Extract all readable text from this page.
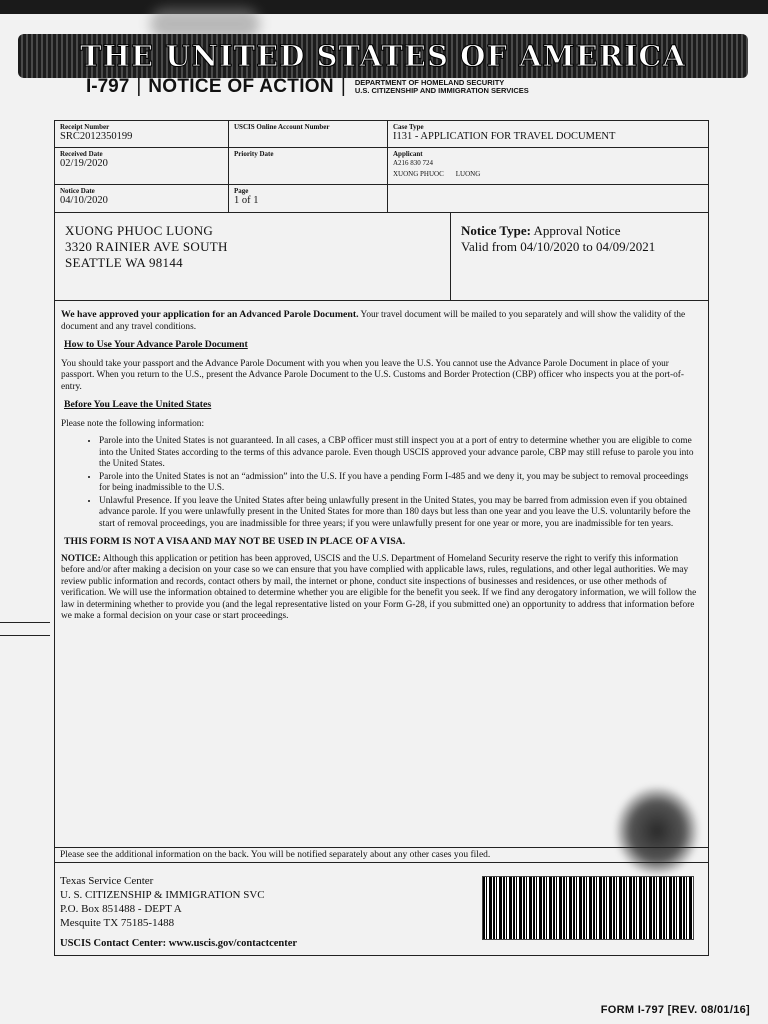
THE UNITED STATES OF AMERICA
I-797 | NOTICE OF ACTION | DEPARTMENT OF HOMELAND SECURITY
U.S. CITIZENSHIP AND IMMIGRATION SERVICES
Receipt Number
SRC2012350199
USCIS Online Account Number	Case Type
I131 - APPLICATION FOR TRAVEL DOCUMENT
Received Date
02/19/2020
Priority Date	Applicant
A216 830 724
XUONG PHUOC LUONG
Notice Date
04/10/2020
Page
1 of 1
XUONG PHUOC LUONG
3320 RAINIER AVE SOUTH
SEATTLE WA 98144
Notice Type: Approval Notice
Valid from 04/10/2020 to 04/09/2021

We have approved your application for an Advanced Parole Document. Your travel document will be mailed to you separately and will show the validity of the document and any travel conditions.

How to Use Your Advance Parole Document

You should take your passport and the Advance Parole Document with you when you leave the U.S. You cannot use the Advance Parole Document in place of your passport. When you return to the U.S., present the Advance Parole Document to the U.S. Customs and Border Protection (CBP) officer who inspects you at the port-of-entry.

Before You Leave the United States

Please note the following information:

• Parole into the United States is not guaranteed. In all cases, a CBP officer must still inspect you at a port of entry to determine whether you are eligible to come into the United States according to the terms of this advance parole. Even though USCIS approved your advance parole, CBP may still refuse to parole you into the United States.
• Parole into the United States is not an “admission” into the U.S. If you have a pending Form I-485 and we deny it, you may be subject to removal proceedings for being inadmissible to the U.S.
• Unlawful Presence. If you leave the United States after being unlawfully present in the United States, you may be barred from admission even if you obtained advance parole. If you were unlawfully present in the United States for more than 180 days but less than one year and you leave the U.S. voluntarily before the start of removal proceedings, you are inadmissible for three years; if you were unlawfully present for one year or more, you are inadmissible for ten years.

THIS FORM IS NOT A VISA AND MAY NOT BE USED IN PLACE OF A VISA.

NOTICE: Although this application or petition has been approved, USCIS and the U.S. Department of Homeland Security reserve the right to verify this information before and/or after making a decision on your case so we can ensure that you have complied with applicable laws, rules, regulations, and other legal authorities. We may review public information and records, contact others by mail, the internet or phone, conduct site inspections of businesses and residences, or use other methods of verification. We will use the information obtained to determine whether you are eligible for the benefit you seek. If we find any derogatory information, we will follow the law in determining whether to provide you (and the legal representative listed on your Form G-28, if you submitted one) an opportunity to address that information before we make a formal decision on your case or start proceedings.

Please see the additional information on the back. You will be notified separately about any other cases you filed.
Texas Service Center
U. S. CITIZENSHIP & IMMIGRATION SVC
P.O. Box 851488 - DEPT A
Mesquite TX 75185-1488
USCIS Contact Center: www.uscis.gov/contactcenter
FORM I-797 [REV. 08/01/16]
